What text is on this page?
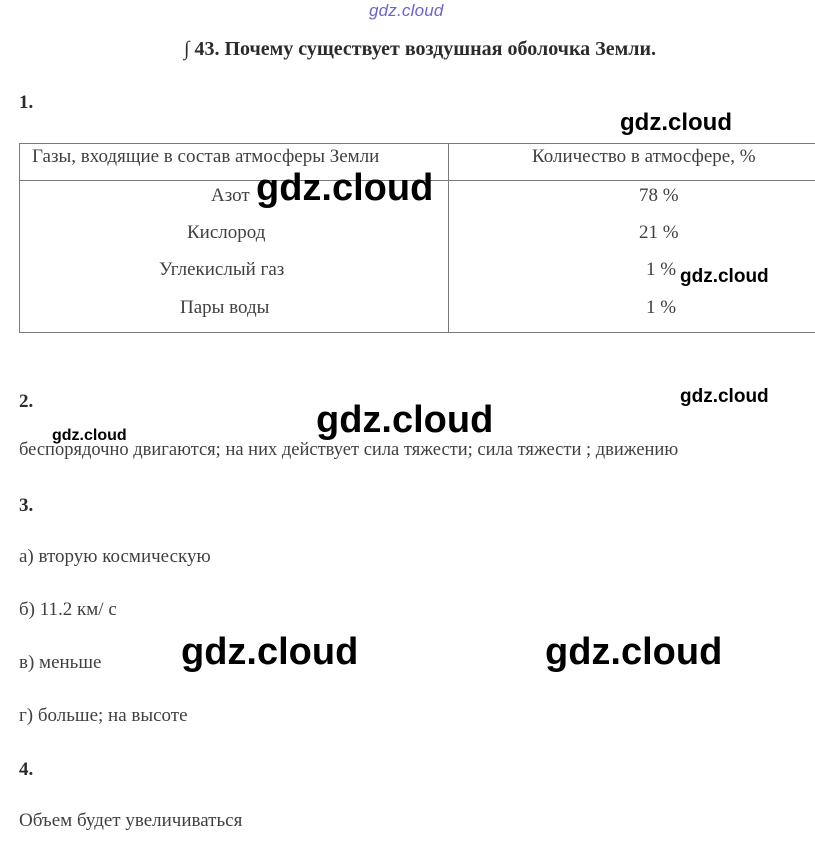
gdz.cloud
∫ 43. Почему существует воздушная оболочка Земли.
1.
Газы, входящие в состав атмосферы Земли	Количество в атмосфере, %
Азот	78 %
Кислород	21 %
Углекислый газ	1 %
Пары воды	1 %
2.
беспорядочно двигаются; на них действует сила тяжести; сила тяжести ; движению
3.
а) вторую космическую
б) 11.2 км/ с
в) меньше
г) больше; на высоте
4.
Объем будет увеличиваться
gdz.cloud
gdz.cloud
gdz.cloud
gdz.cloud
gdz.cloud
gdz.cloud
gdz.cloud	gdz.cloud
